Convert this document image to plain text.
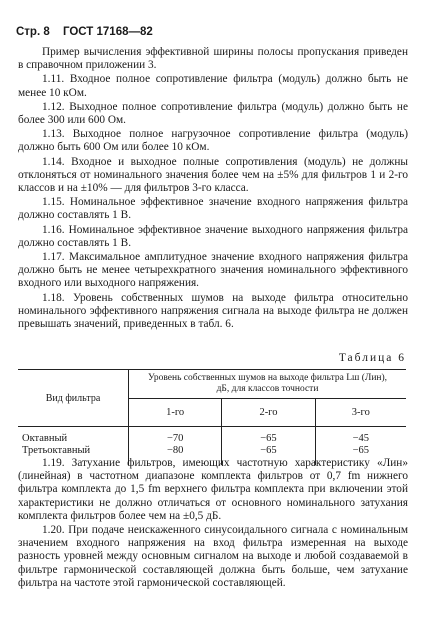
Стр. 8 ГОСТ 17168—82

Пример вычисления эффективной ширины полосы пропускания приведен в справочном приложении 3.

1.11. Входное полное сопротивление фильтра (модуль) должно быть не менее 10 кОм.

1.12. Выходное полное сопротивление фильтра (модуль) должно быть не более 300 или 600 Ом.

1.13. Выходное полное нагрузочное сопротивление фильтра (модуль) должно быть 600 Ом или более 10 кОм.

1.14. Входное и выходное полные сопротивления (модуль) не должны отклоняться от номинального значения более чем на ±5% для фильтров 1 и 2-го классов и на ±10% — для фильтров 3-го класса.

1.15. Номинальное эффективное значение входного напряжения фильтра должно составлять 1 В.

1.16. Номинальное эффективное значение выходного напряжения фильтра должно составлять 1 В.

1.17. Максимальное амплитудное значение входного напряжения фильтра должно быть не менее четырехкратного значения номинального эффективного входного или выходного напряжения.

1.18. Уровень собственных шумов на выходе фильтра относительно номинального эффективного напряжения сигнала на выходе фильтра не должен превышать значений, приведенных в табл. 6.

Таблица 6
Вид фильтра	Уровень собственных шумов на выходе фильтра Lш (Лин), дБ, для классов точности		
	1-го	2-го	3-го
Октавный	−70	−65	−45
Третьоктавный	−80	−65	−65

1.19. Затухание фильтров, имеющих частотную характеристику «Лин» (линейная) в частотном диапазоне комплекта фильтров от 0,7 fm нижнего фильтра комплекта до 1,5 fm верхнего фильтра комплекта при включении этой характеристики не должно отличаться от основного номинального затухания комплекта фильтров более чем на ±0,5 дБ.

1.20. При подаче неискаженного синусоидального сигнала с номинальным значением входного напряжения на вход фильтра измеренная на выходе разность уровней между основным сигналом на выходе и любой создаваемой в фильтре гармонической составляющей должна быть больше, чем затухание фильтра на частоте этой гармонической составляющей.
